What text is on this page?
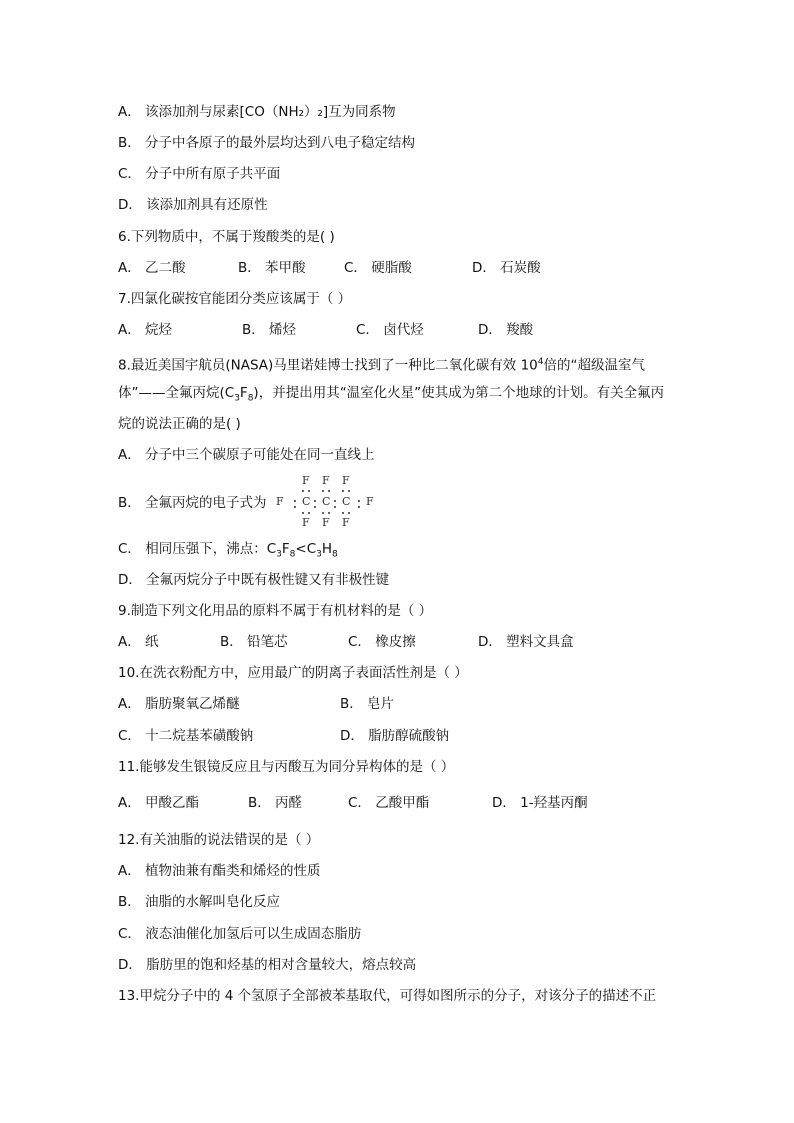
A． 该添加剂与尿素[CO（NH₂）₂]互为同系物
B． 分子中各原子的最外层均达到八电子稳定结构
C． 分子中所有原子共平面
D． 该添加剂具有还原性
6.下列物质中，不属于羧酸类的是( )
A． 乙二酸	B． 苯甲酸	C． 硬脂酸	D． 石炭酸
7.四氯化碳按官能团分类应该属于（ ）
A． 烷烃	B． 烯烃	C． 卤代烃	D． 羧酸
8.最近美国宇航员(NASA)马里诺娃博士找到了一种比二氧化碳有效 $10^4$倍的“超级温室气
体”——全氟丙烷$(C_3F_8)$，并提出用其“温室化火星”使其成为第二个地球的计划。有关全氟丙
烷的说法正确的是( )
A． 分子中三个碳原子可能处在同一直线上
B． 全氟丙烷的电子式为
F F F
F C C C F
F F F
C． 相同压强下，沸点：$C_3F_8<C_3H_8$
D． 全氟丙烷分子中既有极性键又有非极性键
9.制造下列文化用品的原料不属于有机材料的是（ ）
A． 纸	B． 铅笔芯	C． 橡皮擦	D． 塑料文具盒
10.在洗衣粉配方中，应用最广的阴离子表面活性剂是（ ）
A． 脂肪聚氧乙烯醚	B． 皂片
C． 十二烷基苯磺酸钠	D． 脂肪醇硫酸钠
11.能够发生银镜反应且与丙酸互为同分异构体的是（ ）
A． 甲酸乙酯	B． 丙醛	C． 乙酸甲酯	D． 1-羟基丙酮
12.有关油脂的说法错误的是（ ）
A． 植物油兼有酯类和烯烃的性质
B． 油脂的水解叫皂化反应
C． 液态油催化加氢后可以生成固态脂肪
D． 脂肪里的饱和烃基的相对含量较大，熔点较高
13.甲烷分子中的 4 个氢原子全部被苯基取代，可得如图所示的分子，对该分子的描述不正
